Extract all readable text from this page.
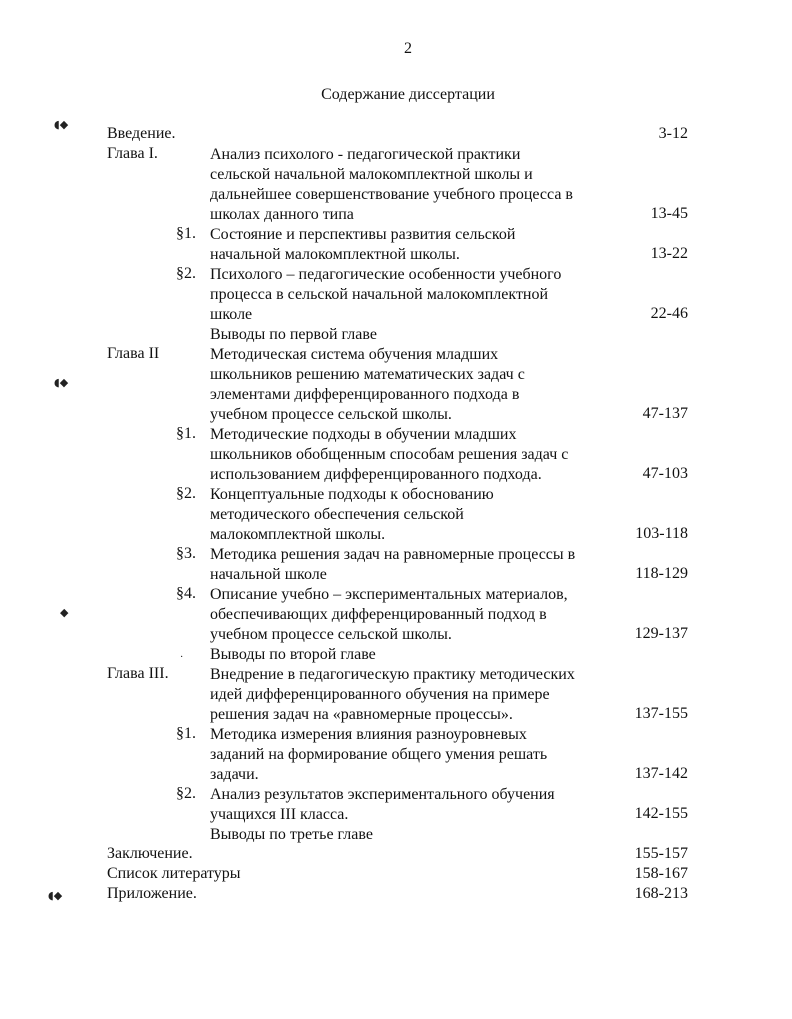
2
Содержание диссертации
Введение.	3-12
Глава I.	Анализ психолого - педагогической практики
сельской начальной малокомплектной школы и
дальнейшее совершенствование учебного процесса в
школах данного типа	13-45
§1. Состояние и перспективы развития сельской
начальной малокомплектной школы.	13-22
§2. Психолого – педагогические особенности учебного
процесса в сельской начальной малокомплектной
школе	22-46
Выводы по первой главе
Глава II	Методическая система обучения младших
школьников решению математических задач с
элементами дифференцированного подхода в
учебном процессе сельской школы.	47-137
§1. Методические подходы в обучении младших
школьников обобщенным способам решения задач с
использованием дифференцированного подхода.	47-103
§2. Концептуальные подходы к обоснованию
методического обеспечения сельской
малокомплектной школы.	103-118
§3. Методика решения задач на равномерные процессы в
начальной школе	118-129
§4. Описание учебно – экспериментальных материалов,
обеспечивающих дифференцированный подход в
учебном процессе сельской школы.	129-137
Выводы по второй главе
Глава III.	Внедрение в педагогическую практику методических
идей дифференцированного обучения на примере
решения задач на «равномерные процессы».	137-155
§1. Методика измерения влияния разноуровневых
заданий на формирование общего умения решать
задачи.	137-142
§2. Анализ результатов экспериментального обучения
учащихся III класса.	142-155
Выводы по третье главе
Заключение.	155-157
Список литературы	158-167
Приложение.	168-213
◖◆
◖◆
◆
◖◆
·
